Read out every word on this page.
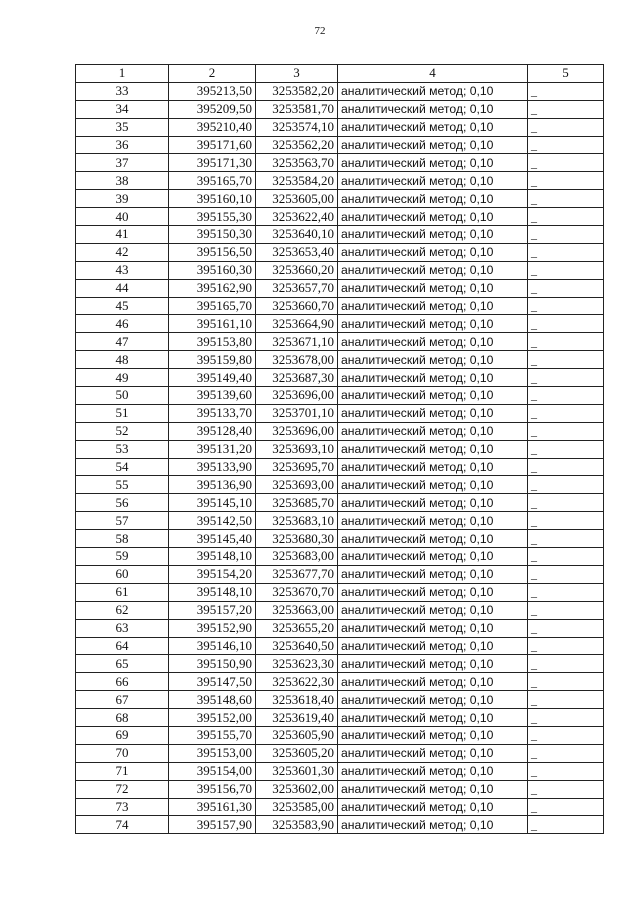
72
1	2	3	4	5
33	395213,50	3253582,20	аналитический метод; 0,10	_
34	395209,50	3253581,70	аналитический метод; 0,10	_
35	395210,40	3253574,10	аналитический метод; 0,10	_
36	395171,60	3253562,20	аналитический метод; 0,10	_
37	395171,30	3253563,70	аналитический метод; 0,10	_
38	395165,70	3253584,20	аналитический метод; 0,10	_
39	395160,10	3253605,00	аналитический метод; 0,10	_
40	395155,30	3253622,40	аналитический метод; 0,10	_
41	395150,30	3253640,10	аналитический метод; 0,10	_
42	395156,50	3253653,40	аналитический метод; 0,10	_
43	395160,30	3253660,20	аналитический метод; 0,10	_
44	395162,90	3253657,70	аналитический метод; 0,10	_
45	395165,70	3253660,70	аналитический метод; 0,10	_
46	395161,10	3253664,90	аналитический метод; 0,10	_
47	395153,80	3253671,10	аналитический метод; 0,10	_
48	395159,80	3253678,00	аналитический метод; 0,10	_
49	395149,40	3253687,30	аналитический метод; 0,10	_
50	395139,60	3253696,00	аналитический метод; 0,10	_
51	395133,70	3253701,10	аналитический метод; 0,10	_
52	395128,40	3253696,00	аналитический метод; 0,10	_
53	395131,20	3253693,10	аналитический метод; 0,10	_
54	395133,90	3253695,70	аналитический метод; 0,10	_
55	395136,90	3253693,00	аналитический метод; 0,10	_
56	395145,10	3253685,70	аналитический метод; 0,10	_
57	395142,50	3253683,10	аналитический метод; 0,10	_
58	395145,40	3253680,30	аналитический метод; 0,10	_
59	395148,10	3253683,00	аналитический метод; 0,10	_
60	395154,20	3253677,70	аналитический метод; 0,10	_
61	395148,10	3253670,70	аналитический метод; 0,10	_
62	395157,20	3253663,00	аналитический метод; 0,10	_
63	395152,90	3253655,20	аналитический метод; 0,10	_
64	395146,10	3253640,50	аналитический метод; 0,10	_
65	395150,90	3253623,30	аналитический метод; 0,10	_
66	395147,50	3253622,30	аналитический метод; 0,10	_
67	395148,60	3253618,40	аналитический метод; 0,10	_
68	395152,00	3253619,40	аналитический метод; 0,10	_
69	395155,70	3253605,90	аналитический метод; 0,10	_
70	395153,00	3253605,20	аналитический метод; 0,10	_
71	395154,00	3253601,30	аналитический метод; 0,10	_
72	395156,70	3253602,00	аналитический метод; 0,10	_
73	395161,30	3253585,00	аналитический метод; 0,10	_
74	395157,90	3253583,90	аналитический метод; 0,10	_
